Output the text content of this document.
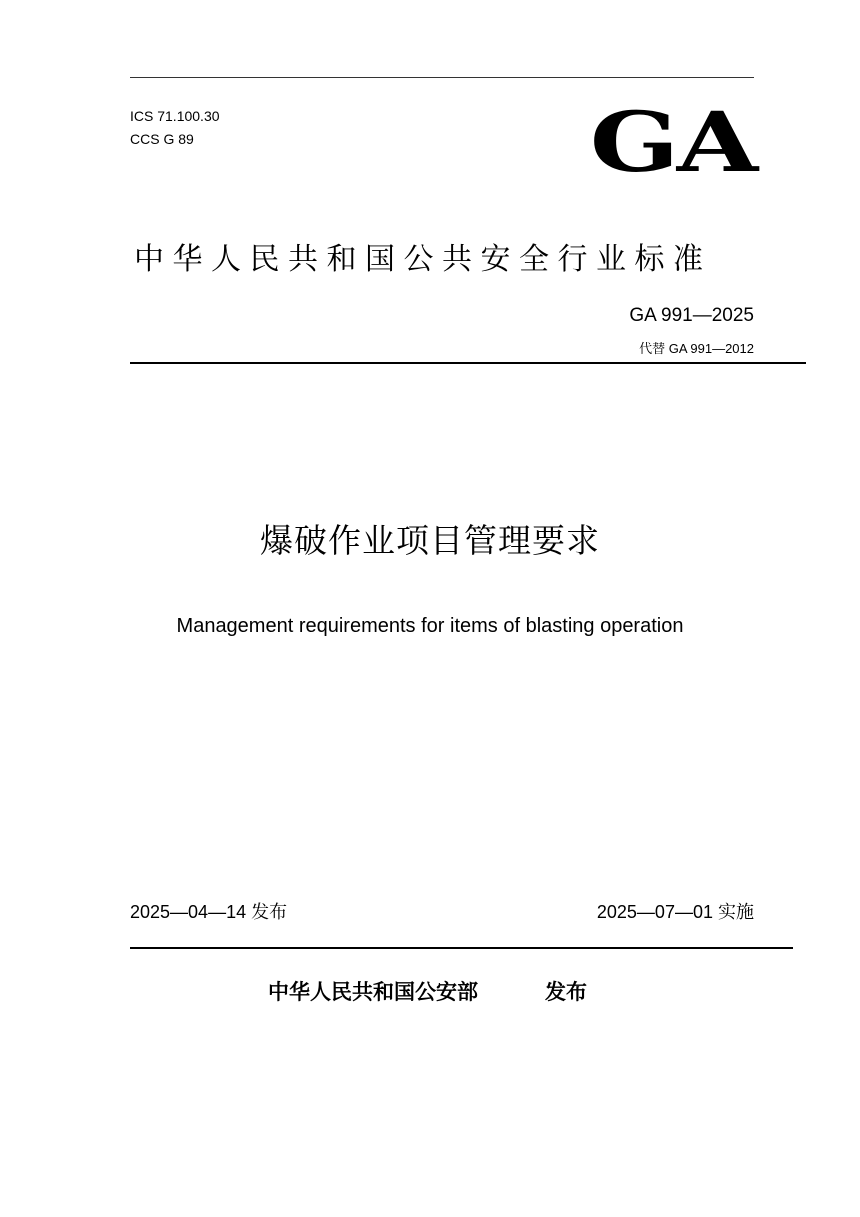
ICS 71.100.30
CCS G 89	GA
中华人民共和国公共安全行业标准
GA 991—2025
代替 GA 991—2012
爆破作业项目管理要求
Management requirements for items of blasting operation
2025—04—14 发布	2025—07—01 实施
中华人民共和国公安部	发布
